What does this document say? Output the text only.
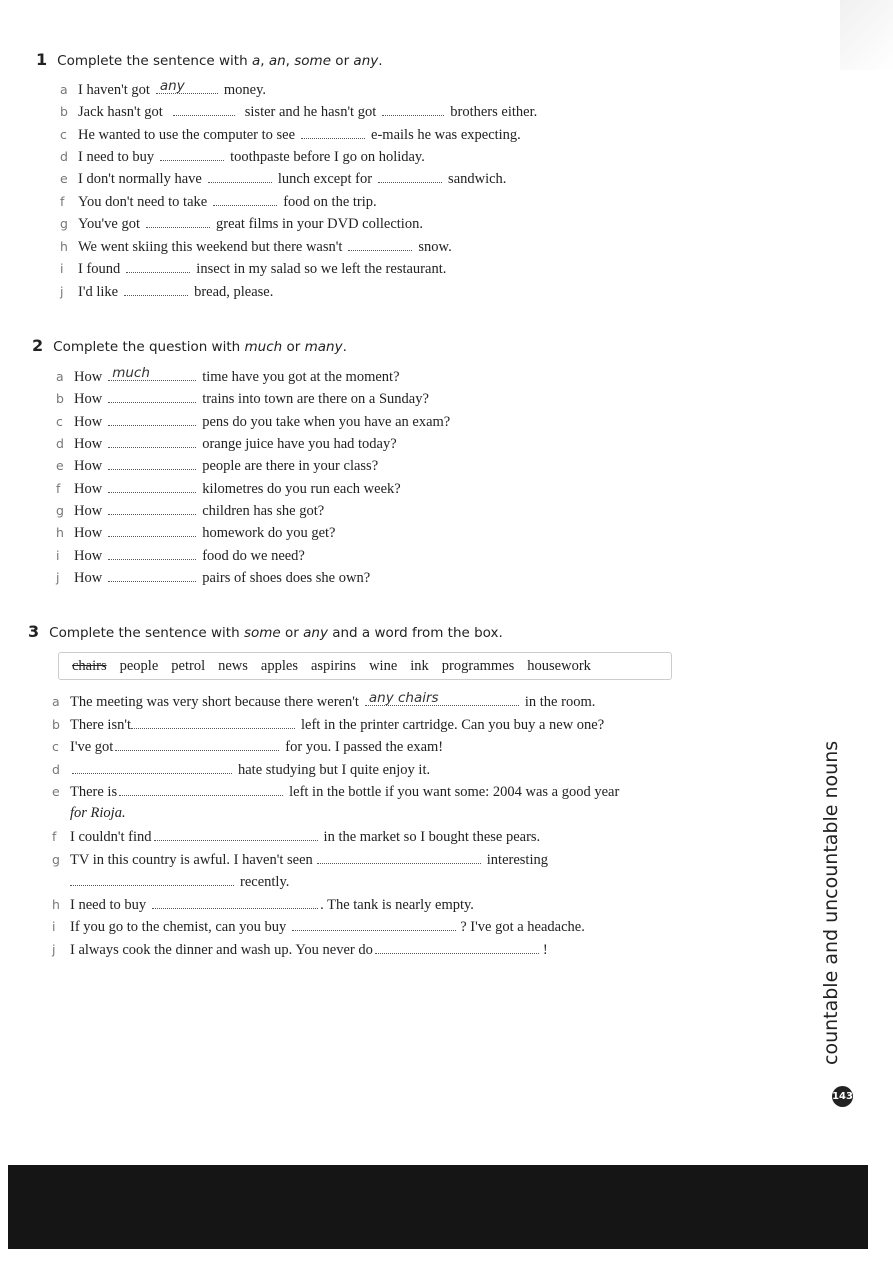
1 Complete the sentence with a, an, some or any.
a I haven't got any	money.
b Jack hasn't got	sister and he hasn't got	brothers either.
c He wanted to use the computer to see	e-mails he was expecting.
d I need to buy	toothpaste before I go on holiday.
e I don't normally have	lunch except for	sandwich.
f You don't need to take	food on the trip.
g You've got	great films in your DVD collection.
h We went skiing this weekend but there wasn't	snow.
i I found	insect in my salad so we left the restaurant.
j I'd like	bread, please.
2 Complete the question with much or many.
a How much	time have you got at the moment?
b How	trains into town are there on a Sunday?
c How	pens do you take when you have an exam?
d How	orange juice have you had today?
e How	people are there in your class?
f How	kilometres do you run each week?
g How	children has she got?
h How	homework do you get?
i How	food do we need?
j How	pairs of shoes does she own?
3 Complete the sentence with some or any and a word from the box.
chairs people petrol news apples aspirins wine ink programmes housework
a The meeting was very short because there weren't any chairs	in the room.
b There isn't	left in the printer cartridge. Can you buy a new one?
c I've got	for you. I passed the exam!
d	hate studying but I quite enjoy it.
e There is	left in the bottle if you want some: 2004 was a good year
for Rioja.
f I couldn't find	in the market so I bought these pears.
g TV in this country is awful. I haven't seen	interesting
recently.
h I need to buy	. The tank is nearly empty.
i If you go to the chemist, can you buy	? I've got a headache.
j I always cook the dinner and wash up. You never do	!	countable and uncountable nouns
143
